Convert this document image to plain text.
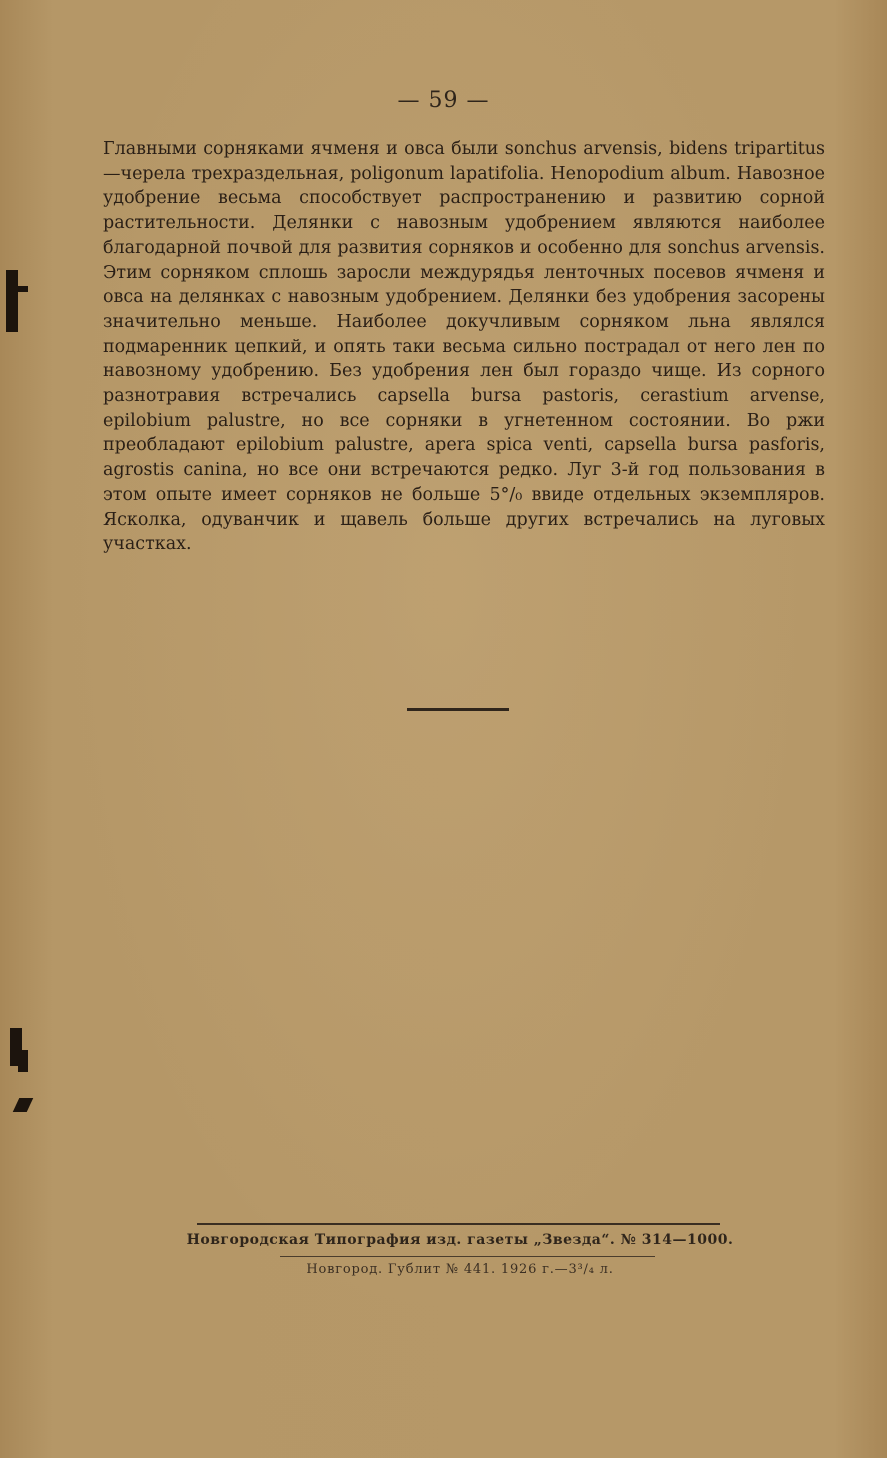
— 59 —

Главными сорняками ячменя и овса были sonchus arvensis, bidens tripartitus—черела трехраздельная, poligonum lapatifolia. Henopodium album. Навозное удобрение весьма способствует распространению и развитию сорной растительности. Делянки с навозным удобрением являются наиболее благодарной почвой для развития сорняков и особенно для sonchus arvensis. Этим сорняком сплошь заросли междурядья ленточных посевов ячменя и овса на делянках с навозным удобрением. Делянки без удобрения засорены значительно меньше. Наиболее докучливым сорняком льна являлся подмаренник цепкий, и опять таки весьма сильно пострадал от него лен по навозному удобрению. Без удобрения лен был гораздо чище. Из сорного разнотравия встречались capsella bursa pastoris, cerastium arvense, epilobium palustre, но все сорняки в угнетенном состоянии. Во ржи преобладают epilobium palustre, apera spica venti, capsella bursa pasforis, agrostis canina, но все они встречаются редко. Луг 3-й год пользования в этом опыте имеет сорняков не больше 5°/₀ ввиде отдельных экземпляров. Ясколка, одуванчик и щавель больше других встречались на луговых участках.

Новгородская Типография изд. газеты „Звезда“. № 314—1000.
Новгород. Гублит № 441. 1926 г.—3³/₄ л.
